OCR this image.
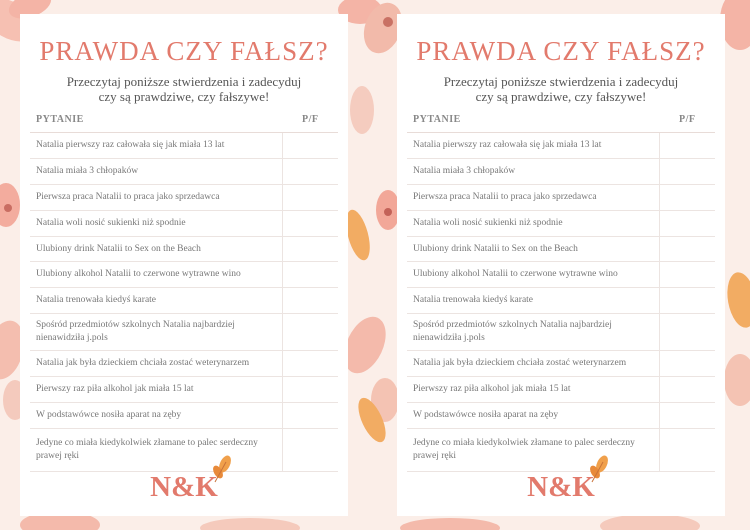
PRAWDA CZY FAŁSZ?
Przeczytaj poniższe stwierdzenia i zadecyduj
czy są prawdziwe, czy fałszywe!
PYTANIE	P/F
Natalia pierwszy raz całowała się jak miała 13 lat	
Natalia miała 3 chłopaków	
Pierwsza praca Natalii to praca jako sprzedawca	
Natalia woli nosić sukienki niż spodnie	
Ulubiony drink Natalii to Sex on the Beach	
Ulubiony alkohol Natalii to czerwone wytrawne wino	
Natalia trenowała kiedyś karate	
Spośród przedmiotów szkolnych Natalia najbardziej nienawidziła j.pols	
Natalia jak była dzieckiem chciała zostać weterynarzem	
Pierwszy raz piła alkohol jak miała 15 lat	
W podstawówce nosiła aparat na zęby	
Jedyne co miała kiedykolwiek złamane to palec serdeczny prawej ręki	
N&K
PRAWDA CZY FAŁSZ?
Przeczytaj poniższe stwierdzenia i zadecyduj
czy są prawdziwe, czy fałszywe!
PYTANIE	P/F
Natalia pierwszy raz całowała się jak miała 13 lat	
Natalia miała 3 chłopaków	
Pierwsza praca Natalii to praca jako sprzedawca	
Natalia woli nosić sukienki niż spodnie	
Ulubiony drink Natalii to Sex on the Beach	
Ulubiony alkohol Natalii to czerwone wytrawne wino	
Natalia trenowała kiedyś karate	
Spośród przedmiotów szkolnych Natalia najbardziej nienawidziła j.pols	
Natalia jak była dzieckiem chciała zostać weterynarzem	
Pierwszy raz piła alkohol jak miała 15 lat	
W podstawówce nosiła aparat na zęby	
Jedyne co miała kiedykolwiek złamane to palec serdeczny prawej ręki	
N&K
